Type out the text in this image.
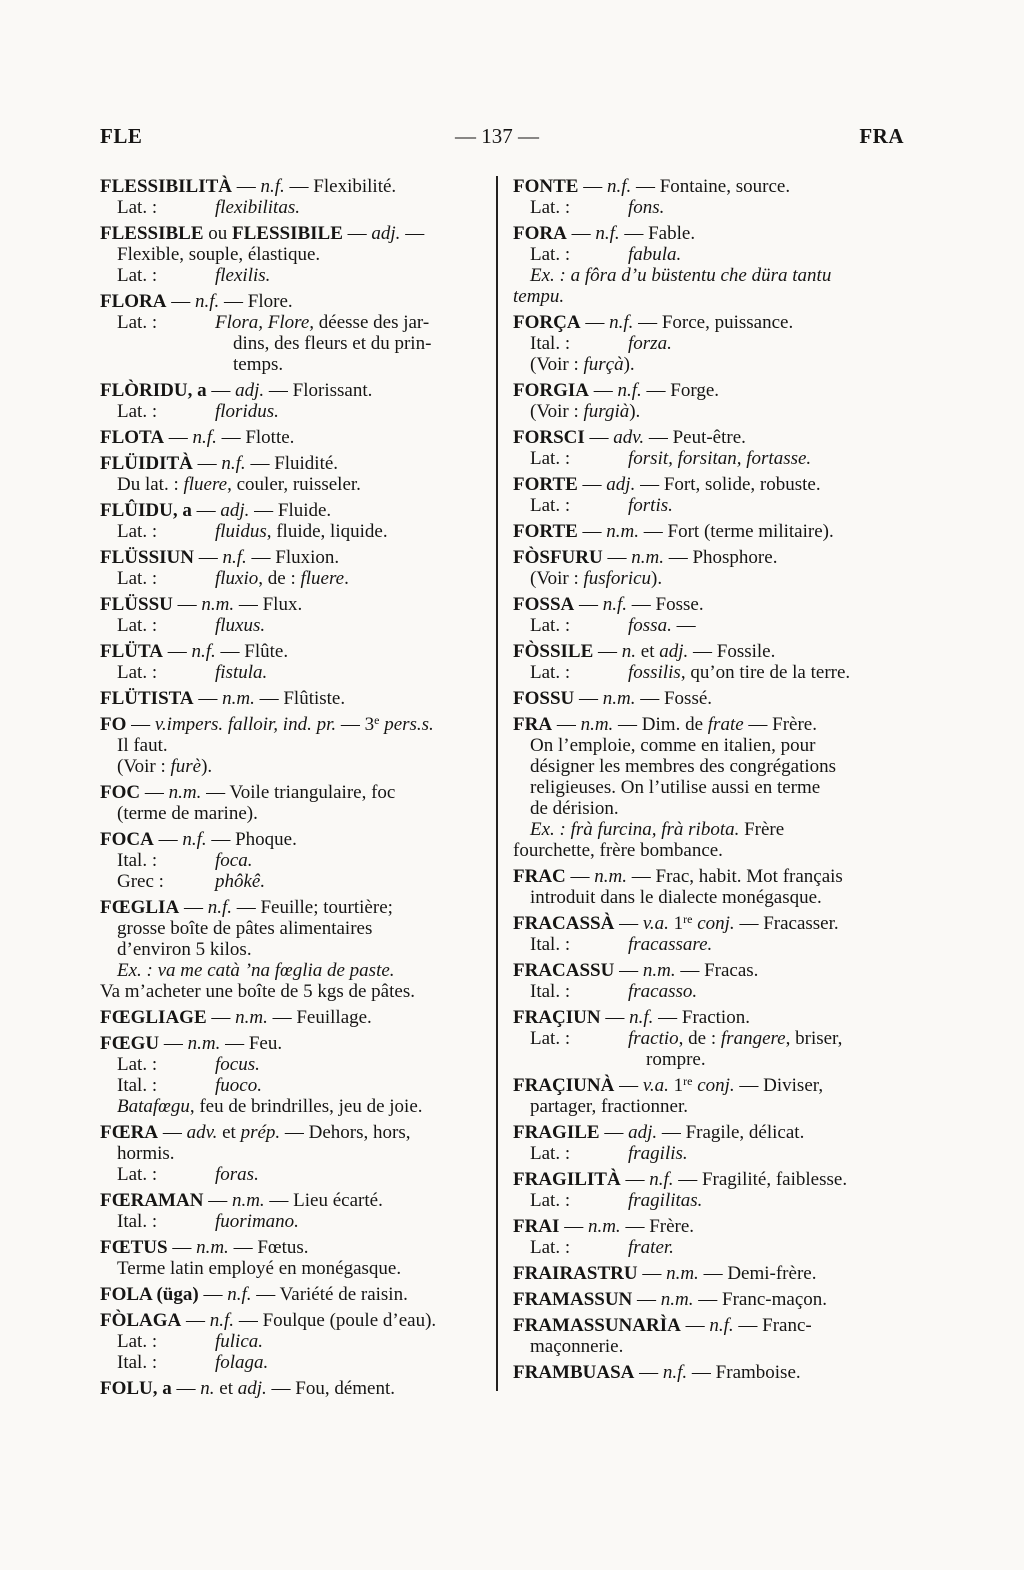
FLE	— 137 —	FRA
FLESSIBILITÀ — n.f. — Flexibilité.
Lat. :	flexibilitas.
FLESSIBLE ou FLESSIBILE — adj. —
Flexible, souple, élastique.
Lat. :	flexilis.
FLORA — n.f. — Flore.
Lat. :	Flora, Flore, déesse des jar-
dins, des fleurs et du prin-
temps.
FLÒRIDU, a — adj. — Florissant.
Lat. :	floridus.
FLOTA — n.f. — Flotte.
FLÜIDITÀ — n.f. — Fluidité.
Du lat. : fluere, couler, ruisseler.
FLÛIDU, a — adj. — Fluide.
Lat. :	fluidus, fluide, liquide.
FLÜSSIUN — n.f. — Fluxion.
Lat. :	fluxio, de : fluere.
FLÜSSU — n.m. — Flux.
Lat. :	fluxus.
FLÜTA — n.f. — Flûte.
Lat. :	fistula.
FLÜTISTA — n.m. — Flûtiste.
FO — v.impers. falloir, ind. pr. — 3e pers.s.
Il faut.
(Voir : furè).
FOC — n.m. — Voile triangulaire, foc
(terme de marine).
FOCA — n.f. — Phoque.
Ital. :	foca.
Grec :	phôkê.
FŒGLIA — n.f. — Feuille; tourtière;
grosse boîte de pâtes alimentaires
d’environ 5 kilos.
Ex. : va me catà ’na fœglia de paste.
Va m’acheter une boîte de 5 kgs de pâtes.
FŒGLIAGE — n.m. — Feuillage.
FŒGU — n.m. — Feu.
Lat. :	focus.
Ital. :	fuoco.
Batafœgu, feu de brindrilles, jeu de joie.
FŒRA — adv. et prép. — Dehors, hors,
hormis.
Lat. :	foras.
FŒRAMAN — n.m. — Lieu écarté.
Ital. :	fuorimano.
FŒTUS — n.m. — Fœtus.
Terme latin employé en monégasque.
FOLA (üga) — n.f. — Variété de raisin.
FÒLAGA — n.f. — Foulque (poule d’eau).
Lat. :	fulica.
Ital. :	folaga.
FOLU, a — n. et adj. — Fou, dément.
FONTE — n.f. — Fontaine, source.
Lat. :	fons.
FORA — n.f. — Fable.
Lat. :	fabula.
Ex. : a fôra d’u büstentu che düra tantu
tempu.
FORÇA — n.f. — Force, puissance.
Ital. :	forza.
(Voir : furçà).
FORGIA — n.f. — Forge.
(Voir : furgià).
FORSCI — adv. — Peut-être.
Lat. :	forsit, forsitan, fortasse.
FORTE — adj. — Fort, solide, robuste.
Lat. :	fortis.
FORTE — n.m. — Fort (terme militaire).
FÒSFURU — n.m. — Phosphore.
(Voir : fusforicu).
FOSSA — n.f. — Fosse.
Lat. :	fossa. —
FÒSSILE — n. et adj. — Fossile.
Lat. :	fossilis, qu’on tire de la terre.
FOSSU — n.m. — Fossé.
FRA — n.m. — Dim. de frate — Frère.
On l’emploie, comme en italien, pour
désigner les membres des congrégations
religieuses. On l’utilise aussi en terme
de dérision.
Ex. : frà furcina, frà ribota. Frère
fourchette, frère bombance.
FRAC — n.m. — Frac, habit. Mot français
introduit dans le dialecte monégasque.
FRACASSÀ — v.a. 1re conj. — Fracasser.
Ital. :	fracassare.
FRACASSU — n.m. — Fracas.
Ital. :	fracasso.
FRAÇIUN — n.f. — Fraction.
Lat. :	fractio, de : frangere, briser,
rompre.
FRAÇIUNÀ — v.a. 1re conj. — Diviser,
partager, fractionner.
FRAGILE — adj. — Fragile, délicat.
Lat. :	fragilis.
FRAGILITÀ — n.f. — Fragilité, faiblesse.
Lat. :	fragilitas.
FRAI — n.m. — Frère.
Lat. :	frater.
FRAIRASTRU — n.m. — Demi-frère.
FRAMASSUN — n.m. — Franc-maçon.
FRAMASSUNARÌA — n.f. — Franc-
maçonnerie.
FRAMBUASA — n.f. — Framboise.
